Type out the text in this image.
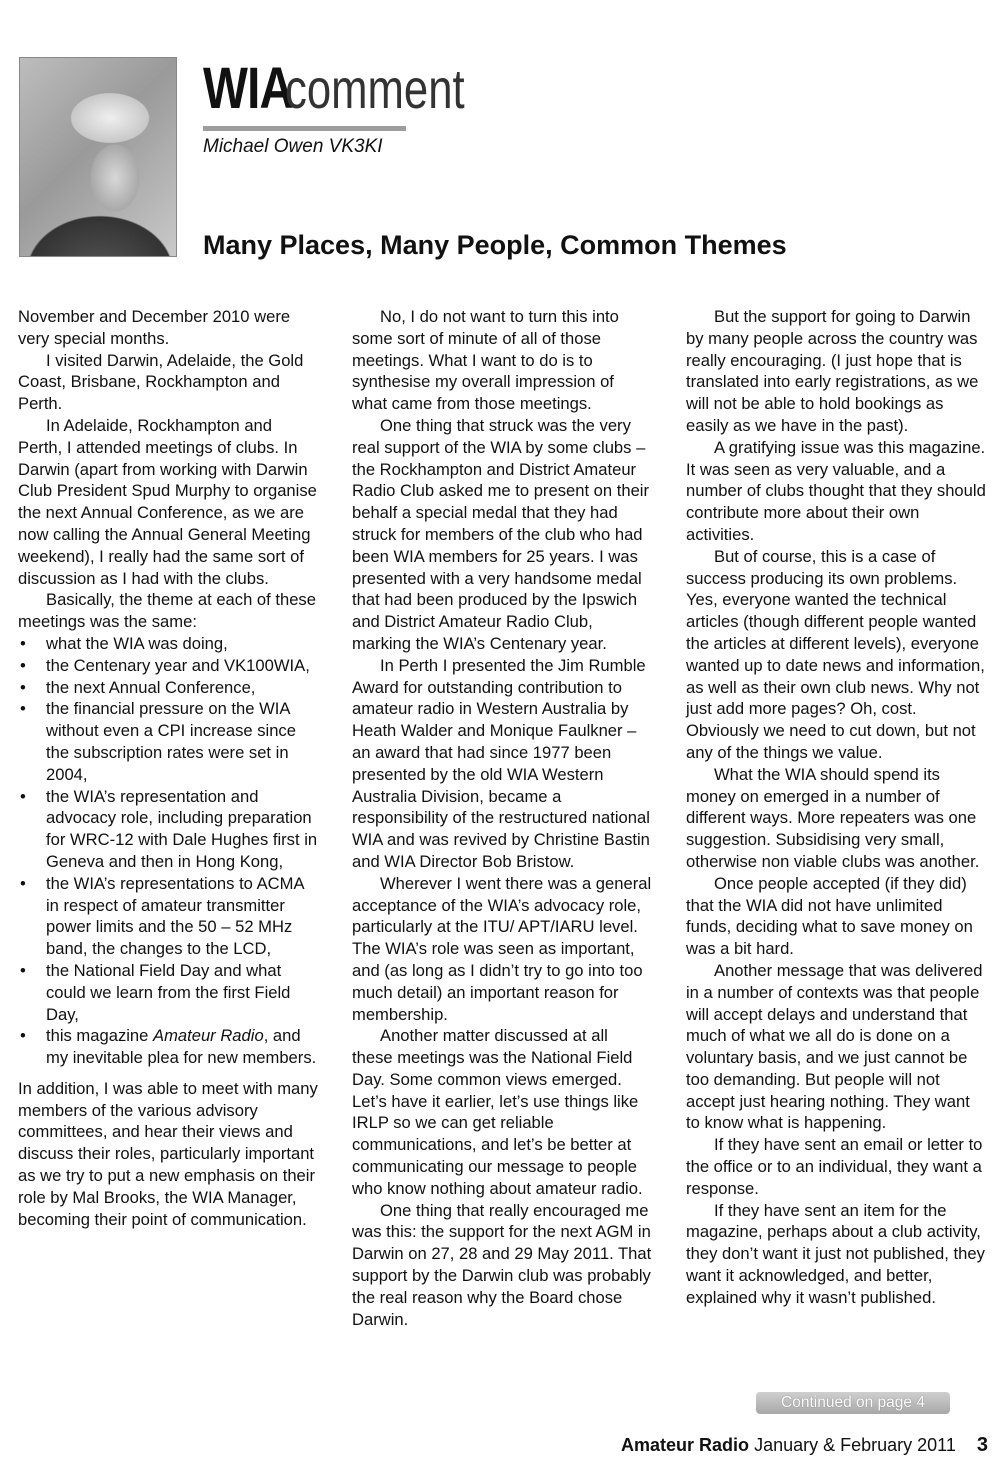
WIAcomment
Michael Owen VK3KI
Many Places, Many People, Common Themes

November and December 2010 were very special months.

I visited Darwin, Adelaide, the Gold Coast, Brisbane, Rockhampton and Perth.

In Adelaide, Rockhampton and Perth, I attended meetings of clubs. In Darwin (apart from working with Darwin Club President Spud Murphy to organise the next Annual Conference, as we are now calling the Annual General Meeting weekend), I really had the same sort of discussion as I had with the clubs.

Basically, the theme at each of these meetings was the same:

• what the WIA was doing,
• the Centenary year and VK100WIA,
• the next Annual Conference,
• the financial pressure on the WIA without even a CPI increase since the subscription rates were set in 2004,
• the WIA’s representation and advocacy role, including preparation for WRC-12 with Dale Hughes first in Geneva and then in Hong Kong,
• the WIA’s representations to ACMA in respect of amateur transmitter power limits and the 50 – 52 MHz band, the changes to the LCD,
• the National Field Day and what could we learn from the first Field Day,
• this magazine Amateur Radio, and my inevitable plea for new members.

In addition, I was able to meet with many members of the various advisory committees, and hear their views and discuss their roles, particularly important as we try to put a new emphasis on their role by Mal Brooks, the WIA Manager, becoming their point of communication.

No, I do not want to turn this into some sort of minute of all of those meetings. What I want to do is to synthesise my overall impression of what came from those meetings.

One thing that struck was the very real support of the WIA by some clubs – the Rockhampton and District Amateur Radio Club asked me to present on their behalf a special medal that they had struck for members of the club who had been WIA members for 25 years. I was presented with a very handsome medal that had been produced by the Ipswich and District Amateur Radio Club, marking the WIA’s Centenary year.

In Perth I presented the Jim Rumble Award for outstanding contribution to amateur radio in Western Australia by Heath Walder and Monique Faulkner – an award that had since 1977 been presented by the old WIA Western Australia Division, became a responsibility of the restructured national WIA and was revived by Christine Bastin and WIA Director Bob Bristow.

Wherever I went there was a general acceptance of the WIA’s advocacy role, particularly at the ITU/ APT/IARU level. The WIA’s role was seen as important, and (as long as I didn’t try to go into too much detail) an important reason for membership.

Another matter discussed at all these meetings was the National Field Day. Some common views emerged. Let’s have it earlier, let’s use things like IRLP so we can get reliable communications, and let’s be better at communicating our message to people who know nothing about amateur radio.

One thing that really encouraged me was this: the support for the next AGM in Darwin on 27, 28 and 29 May 2011. That support by the Darwin club was probably the real reason why the Board chose Darwin.

But the support for going to Darwin by many people across the country was really encouraging. (I just hope that is translated into early registrations, as we will not be able to hold bookings as easily as we have in the past).

A gratifying issue was this magazine. It was seen as very valuable, and a number of clubs thought that they should contribute more about their own activities.

But of course, this is a case of success producing its own problems. Yes, everyone wanted the technical articles (though different people wanted the articles at different levels), everyone wanted up to date news and information, as well as their own club news. Why not just add more pages? Oh, cost. Obviously we need to cut down, but not any of the things we value.

What the WIA should spend its money on emerged in a number of different ways. More repeaters was one suggestion. Subsidising very small, otherwise non viable clubs was another.

Once people accepted (if they did) that the WIA did not have unlimited funds, deciding what to save money on was a bit hard.

Another message that was delivered in a number of contexts was that people will accept delays and understand that much of what we all do is done on a voluntary basis, and we just cannot be too demanding. But people will not accept just hearing nothing. They want to know what is happening.

If they have sent an email or letter to the office or to an individual, they want a response.

If they have sent an item for the magazine, perhaps about a club activity, they don’t want it just not published, they want it acknowledged, and better, explained why it wasn’t published.

Continued on page 4
Amateur Radio January & February 2011 3
